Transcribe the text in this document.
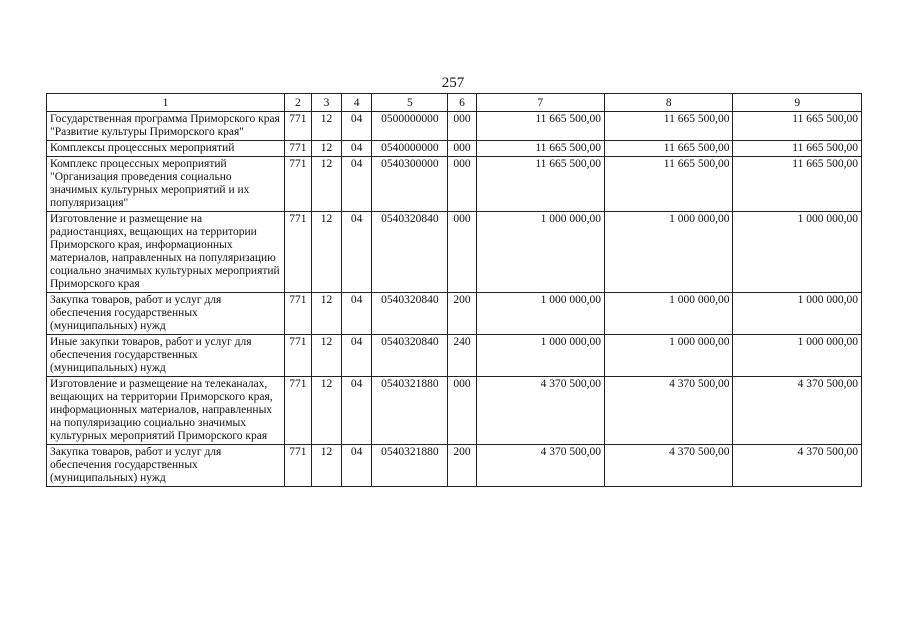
257
1	2	3	4	5	6	7	8	9
Государственная программа Приморского края "Развитие культуры Приморского края"	771	12	04	0500000000	000	11 665 500,00	11 665 500,00	11 665 500,00
Комплексы процессных мероприятий	771	12	04	0540000000	000	11 665 500,00	11 665 500,00	11 665 500,00
Комплекс процессных мероприятий "Организация проведения социально значимых культурных мероприятий и их популяризация"	771	12	04	0540300000	000	11 665 500,00	11 665 500,00	11 665 500,00
Изготовление и размещение на радиостанциях, вещающих на территории Приморского края, информационных материалов, направленных на популяризацию социально значимых культурных мероприятий Приморского края	771	12	04	0540320840	000	1 000 000,00	1 000 000,00	1 000 000,00
Закупка товаров, работ и услуг для обеспечения государственных (муниципальных) нужд	771	12	04	0540320840	200	1 000 000,00	1 000 000,00	1 000 000,00
Иные закупки товаров, работ и услуг для обеспечения государственных (муниципальных) нужд	771	12	04	0540320840	240	1 000 000,00	1 000 000,00	1 000 000,00
Изготовление и размещение на телеканалах, вещающих на территории Приморского края, информационных материалов, направленных на популяризацию социально значимых культурных мероприятий Приморского края	771	12	04	0540321880	000	4 370 500,00	4 370 500,00	4 370 500,00
Закупка товаров, работ и услуг для обеспечения государственных (муниципальных) нужд	771	12	04	0540321880	200	4 370 500,00	4 370 500,00	4 370 500,00
